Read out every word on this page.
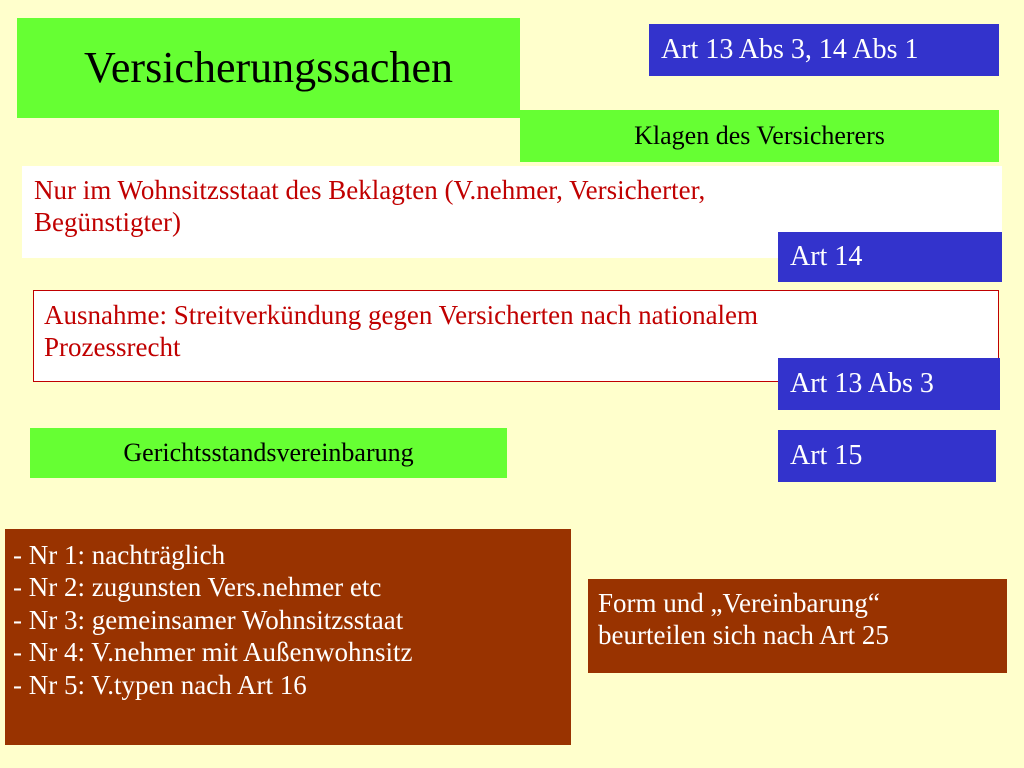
Versicherungssachen	Art 13 Abs 3, 14 Abs 1
Klagen des Versicherers
Nur im Wohnsitzsstaat des Beklagten (V.nehmer, Versicherter,
Begünstigter)
Art 14
Ausnahme: Streitverkündung gegen Versicherten nach nationalem
Prozessrecht
Art 13 Abs 3
Gerichtsstandsvereinbarung	Art 15
- Nr 1: nachträglich
- Nr 2: zugunsten Vers.nehmer etc
- Nr 3: gemeinsamer Wohnsitzsstaat
- Nr 4: V.nehmer mit Außenwohnsitz
- Nr 5: V.typen nach Art 16
Form und „Vereinbarung“
beurteilen sich nach Art 25
